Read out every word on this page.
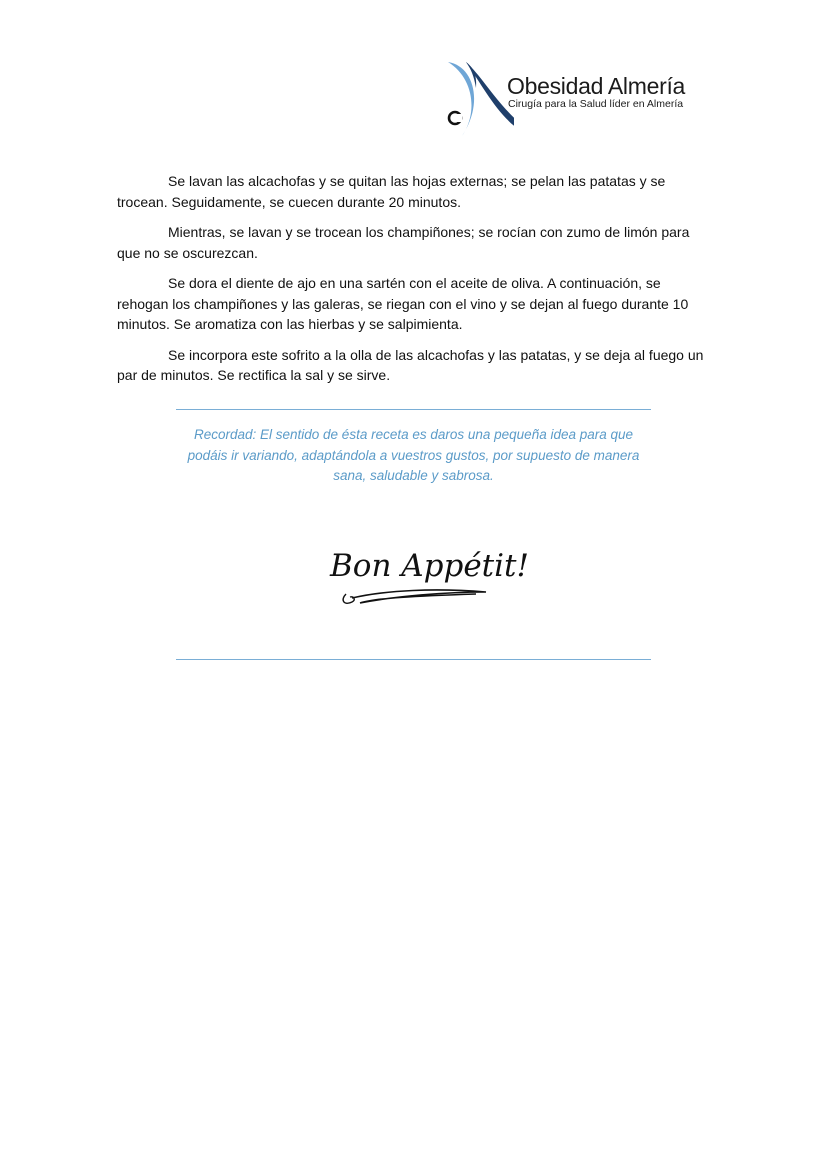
Obesidad Almería
Cirugía para la Salud líder en Almería

Se lavan las alcachofas y se quitan las hojas externas; se pelan las patatas y se trocean. Seguidamente, se cuecen durante 20 minutos.

Mientras, se lavan y se trocean los champiñones; se rocían con zumo de limón para que no se oscurezcan.

Se dora el diente de ajo en una sartén con el aceite de oliva. A continuación, se rehogan los champiñones y las galeras, se riegan con el vino y se dejan al fuego durante 10 minutos. Se aromatiza con las hierbas y se salpimienta.

Se incorpora este sofrito a la olla de las alcachofas y las patatas, y se deja al fuego un par de minutos. Se rectifica la sal y se sirve.

Recordad: El sentido de ésta receta es daros una pequeña idea para que podáis ir variando, adaptándola a vuestros gustos, por supuesto de manera sana, saludable y sabrosa.
Bon Appétit!
